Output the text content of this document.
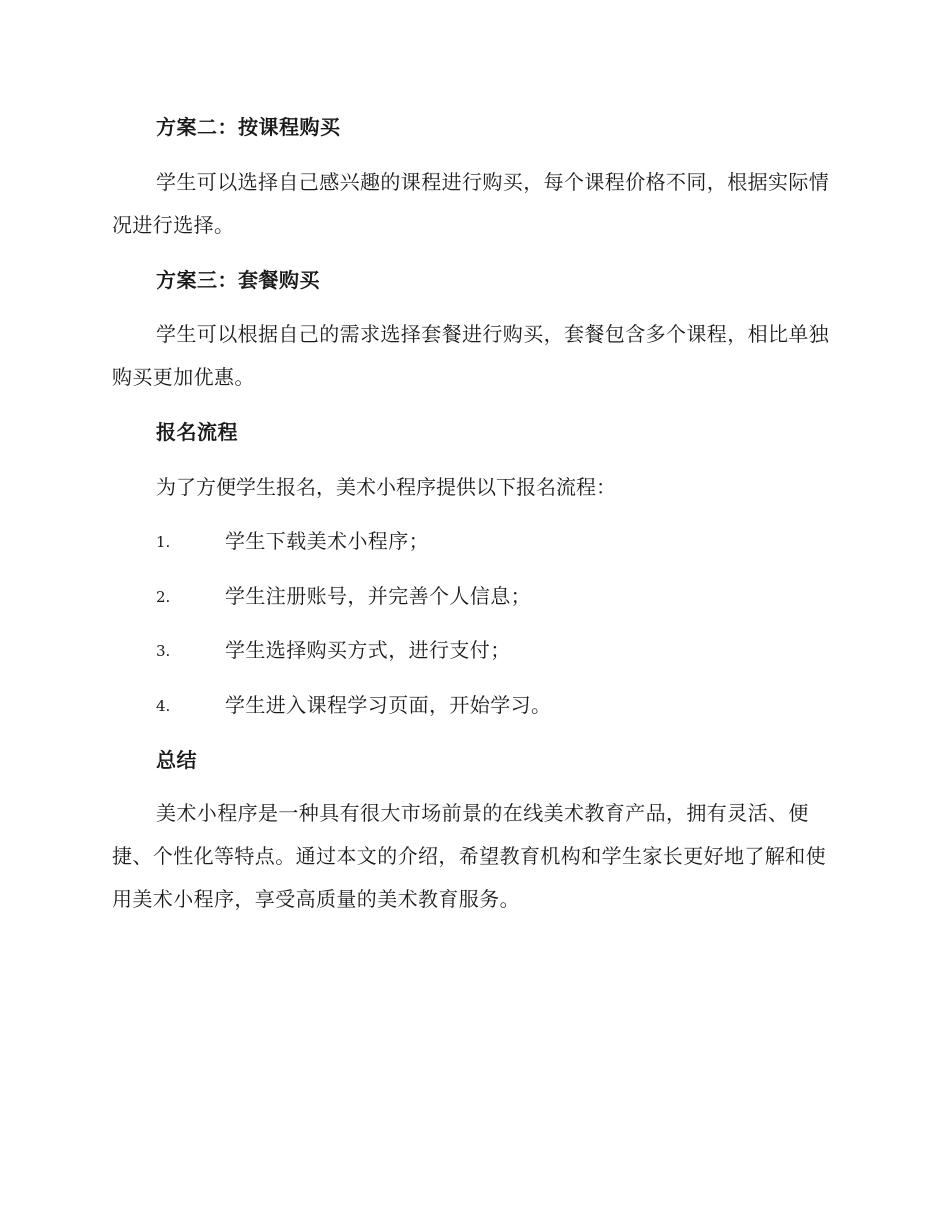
方案二：按课程购买

学生可以选择自己感兴趣的课程进行购买，每个课程价格不同，根据实际情况进行选择。

方案三：套餐购买

学生可以根据自己的需求选择套餐进行购买，套餐包含多个课程，相比单独购买更加优惠。

报名流程
为了方便学生报名，美术小程序提供以下报名流程：
1.	学生下载美术小程序；
2.	学生注册账号，并完善个人信息；
3.	学生选择购买方式，进行支付；
4.	学生进入课程学习页面，开始学习。
总结

美术小程序是一种具有很大市场前景的在线美术教育产品，拥有灵活、便捷、个性化等特点。通过本文的介绍，希望教育机构和学生家长更好地了解和使用美术小程序，享受高质量的美术教育服务。
